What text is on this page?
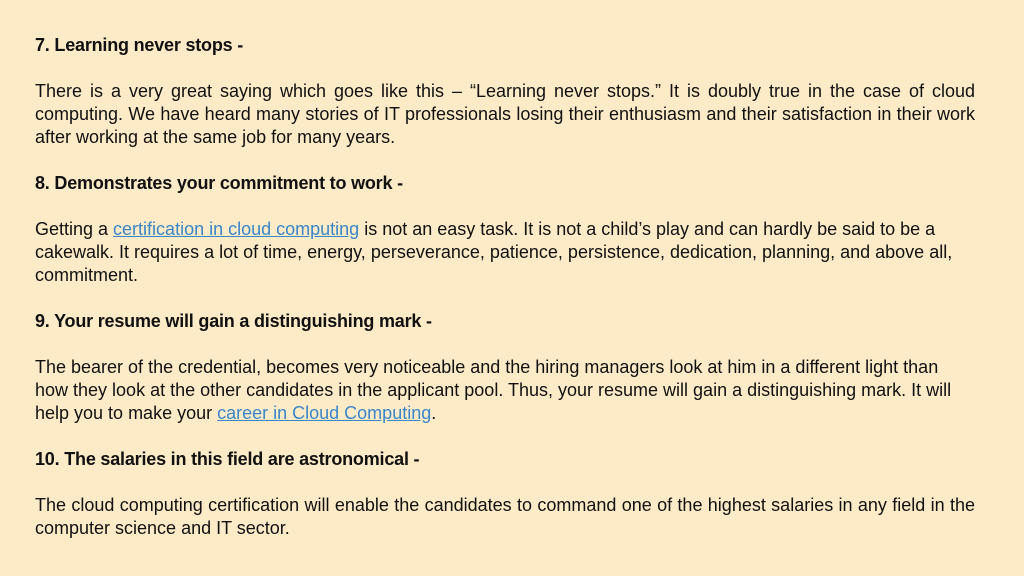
7. Learning never stops -

There is a very great saying which goes like this – “Learning never stops.” It is doubly true in the case of cloud computing. We have heard many stories of IT professionals losing their enthusiasm and their satisfaction in their work after working at the same job for many years.

8. Demonstrates your commitment to work -

Getting a certification in cloud computing is not an easy task. It is not a child’s play and can hardly be said to be a cakewalk. It requires a lot of time, energy, perseverance, patience, persistence, dedication, planning, and above all, commitment.

9. Your resume will gain a distinguishing mark -

The bearer of the credential, becomes very noticeable and the hiring managers look at him in a different light than how they look at the other candidates in the applicant pool. Thus, your resume will gain a distinguishing mark. It will help you to make your career in Cloud Computing.

10. The salaries in this field are astronomical -

The cloud computing certification will enable the candidates to command one of the highest salaries in any field in the computer science and IT sector.
